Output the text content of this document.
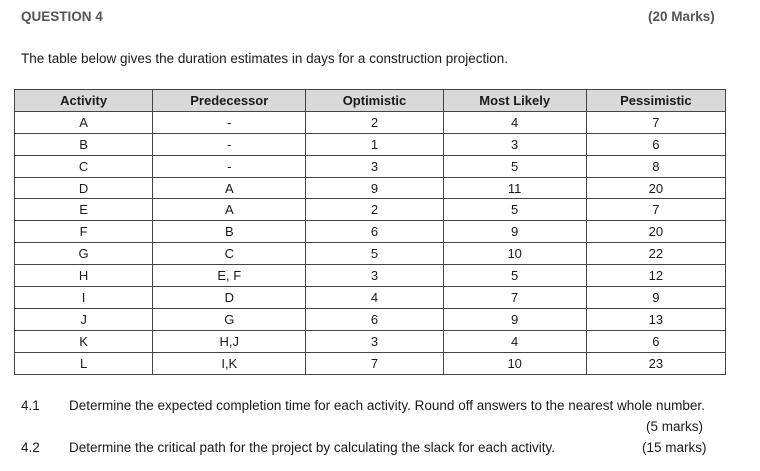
QUESTION 4	(20 Marks)
The table below gives the duration estimates in days for a construction projection.
Activity	Predecessor	Optimistic	Most Likely	Pessimistic
A	-	2	4	7
B	-	1	3	6
C	-	3	5	8
D	A	9	11	20
E	A	2	5	7
F	B	6	9	20
G	C	5	10	22
H	E, F	3	5	12
I	D	4	7	9
J	G	6	9	13
K	H,J	3	4	6
L	I,K	7	10	23
4.1 Determine the expected completion time for each activity. Round off answers to the nearest whole number.
(5 marks)
4.2 Determine the critical path for the project by calculating the slack for each activity.	(15 marks)
